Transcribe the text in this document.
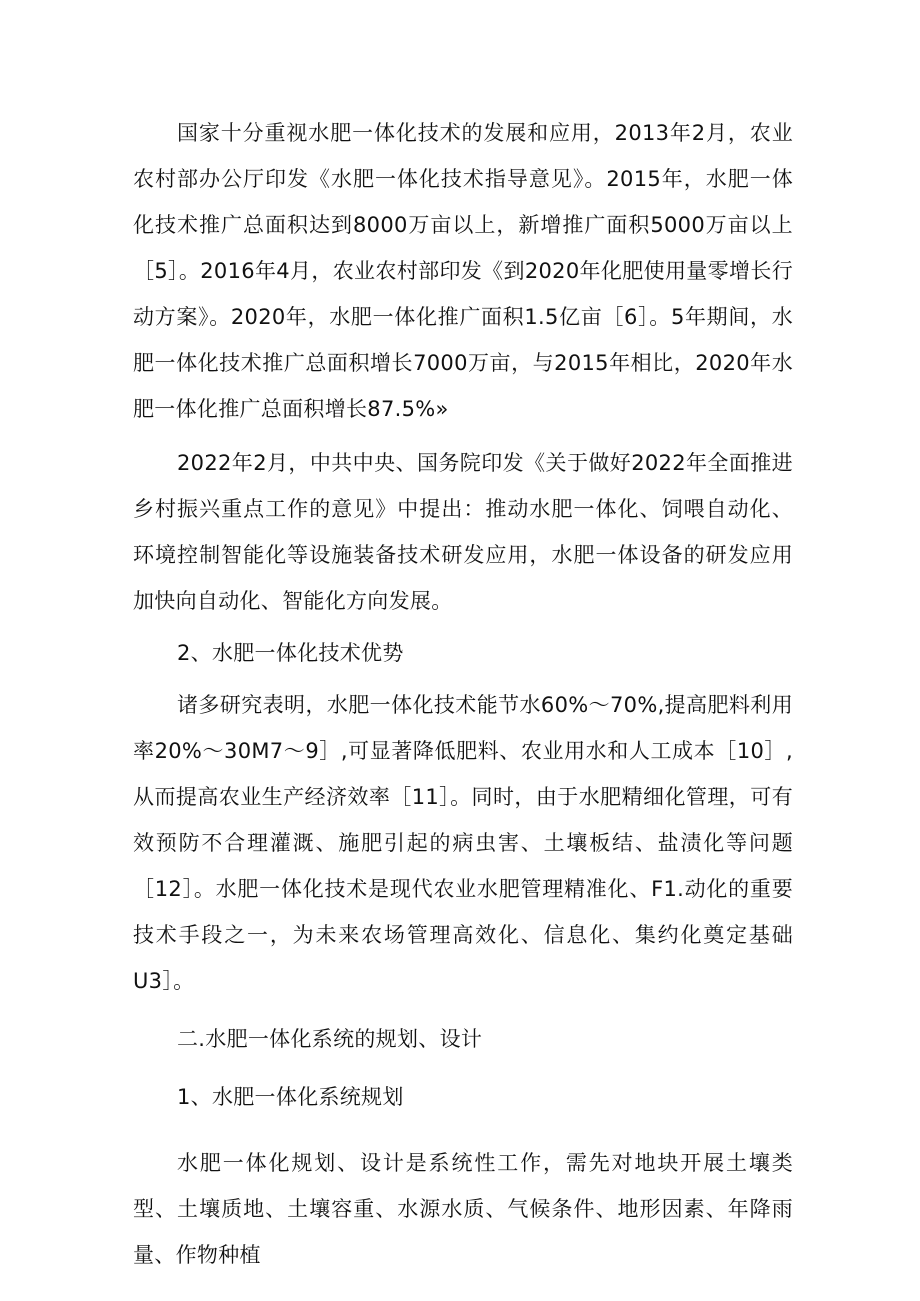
国家十分重视水肥一体化技术的发展和应用，2013年2月，农业农村部办公厅印发《水肥一体化技术指导意见》。2015年，水肥一体化技术推广总面积达到8000万亩以上，新增推广面积5000万亩以上［5］。2016年4月，农业农村部印发《到2020年化肥使用量零增长行动方案》。2020年，水肥一体化推广面积1.5亿亩［6］。5年期间，水肥一体化技术推广总面积增长7000万亩，与2015年相比，2020年水肥一体化推广总面积增长87.5%»

2022年2月，中共中央、国务院印发《关于做好2022年全面推进乡村振兴重点工作的意见》中提出：推动水肥一体化、饲喂自动化、环境控制智能化等设施装备技术研发应用，水肥一体设备的研发应用加快向自动化、智能化方向发展。

2、水肥一体化技术优势

诸多研究表明，水肥一体化技术能节水60%～70%,提高肥料利用率20%～30M7～9］,可显著降低肥料、农业用水和人工成本［10］,从而提高农业生产经济效率［11］。同时，由于水肥精细化管理，可有效预防不合理灌溉、施肥引起的病虫害、土壤板结、盐渍化等问题［12］。水肥一体化技术是现代农业水肥管理精准化、F1.动化的重要技术手段之一，为未来农场管理高效化、信息化、集约化奠定基础U3］。

二.水肥一体化系统的规划、设计

1、水肥一体化系统规划

水肥一体化规划、设计是系统性工作，需先对地块开展土壤类型、土壤质地、土壤容重、水源水质、气候条件、地形因素、年降雨量、作物种植
